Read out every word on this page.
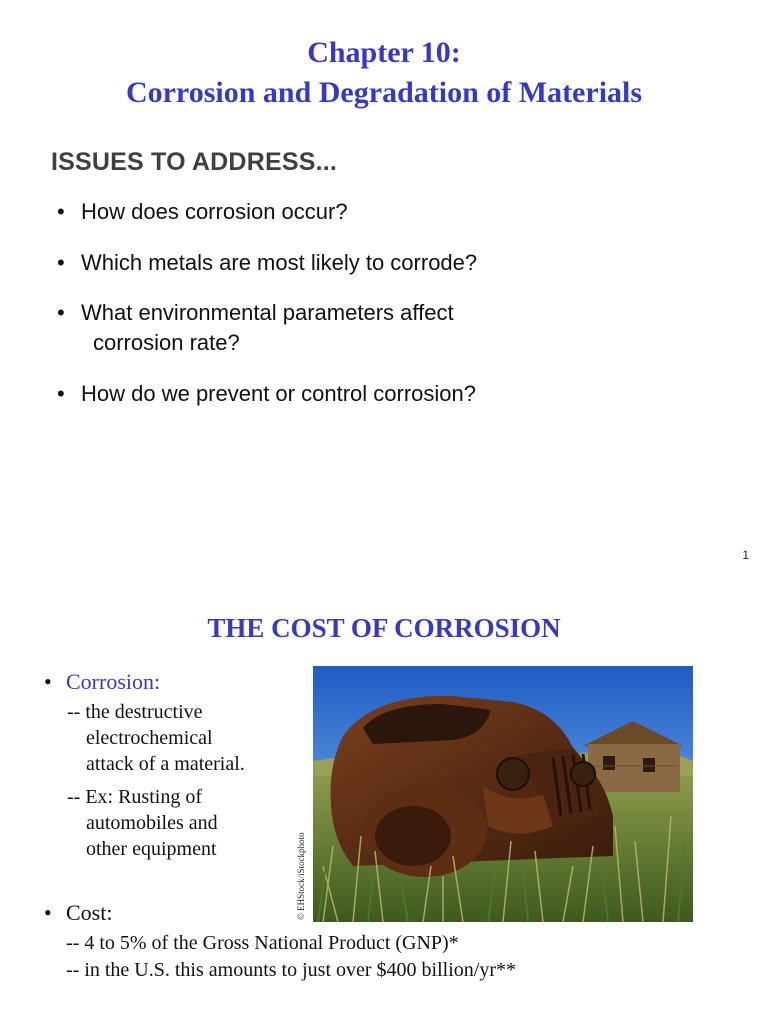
Chapter 10:
Corrosion and Degradation of Materials
ISSUES TO ADDRESS...
• How does corrosion occur?
• Which metals are most likely to corrode?
• What environmental parameters affect
corrosion rate?
• How do we prevent or control corrosion?
1
THE COST OF CORROSION
• Corrosion:
-- the destructive
electrochemical
attack of a material.
-- Ex: Rusting of
automobiles and
other equipment	© EHStock/iStockphoto
• Cost:
-- 4 to 5% of the Gross National Product (GNP)*
-- in the U.S. this amounts to just over $400 billion/yr**
